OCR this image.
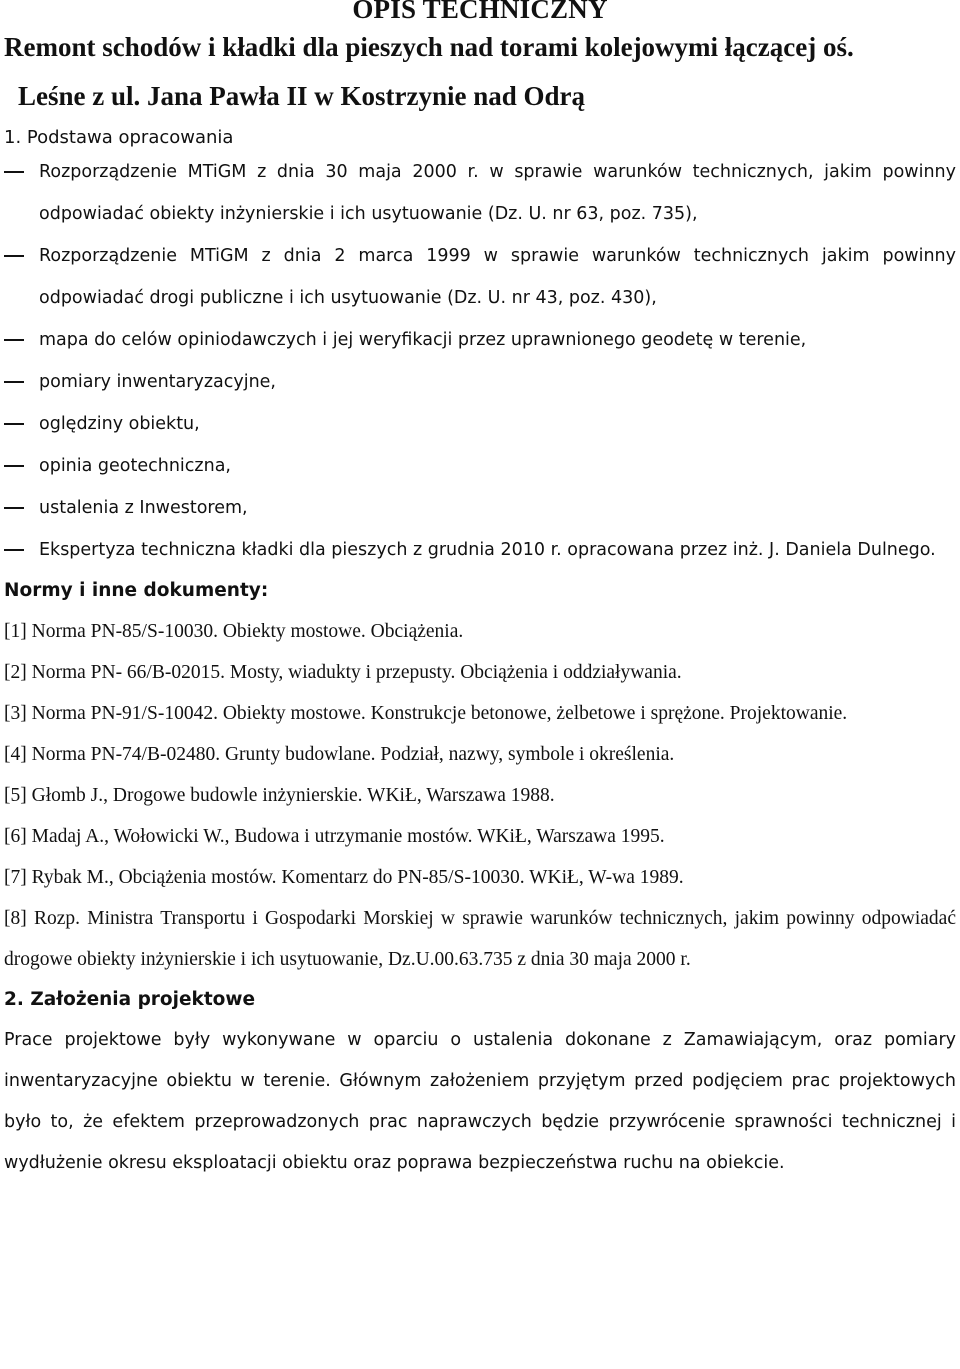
OPIS TECHNICZNY
Remont schodów i kładki dla pieszych nad torami kolejowymi łączącej oś.
Leśne z ul. Jana Pawła II w Kostrzynie nad Odrą
1. Podstawa opracowania
Rozporządzenie MTiGM z dnia 30 maja 2000 r. w sprawie warunków technicznych, jakim powinny odpowiadać obiekty inżynierskie i ich usytuowanie (Dz. U. nr 63, poz. 735),
Rozporządzenie MTiGM z dnia 2 marca 1999 w sprawie warunków technicznych jakim powinny odpowiadać drogi publiczne i ich usytuowanie (Dz. U. nr 43, poz. 430),
mapa do celów opiniodawczych i jej weryfikacji przez uprawnionego geodetę w terenie,
pomiary inwentaryzacyjne,
oględziny obiektu,
opinia geotechniczna,
ustalenia z Inwestorem,
Ekspertyza techniczna kładki dla pieszych z grudnia 2010 r. opracowana przez inż. J. Daniela Dulnego.
Normy i inne dokumenty:
[1] Norma PN-85/S-10030. Obiekty mostowe. Obciążenia.
[2] Norma PN- 66/B-02015. Mosty, wiadukty i przepusty. Obciążenia i oddziaływania.
[3] Norma PN-91/S-10042. Obiekty mostowe. Konstrukcje betonowe, żelbetowe i sprężone. Projektowanie.
[4] Norma PN-74/B-02480. Grunty budowlane. Podział, nazwy, symbole i określenia.
[5] Głomb J., Drogowe budowle inżynierskie. WKiŁ, Warszawa 1988.
[6] Madaj A., Wołowicki W., Budowa i utrzymanie mostów. WKiŁ, Warszawa 1995.
[7] Rybak M., Obciążenia mostów. Komentarz do PN-85/S-10030. WKiŁ, W-wa 1989.
[8] Rozp. Ministra Transportu i Gospodarki Morskiej w sprawie warunków technicznych, jakim powinny odpowiadać drogowe obiekty inżynierskie i ich usytuowanie, Dz.U.00.63.735 z dnia 30 maja 2000 r.
2. Założenia projektowe
Prace projektowe były wykonywane w oparciu o ustalenia dokonane z Zamawiającym, oraz pomiary inwentaryzacyjne obiektu w terenie. Głównym założeniem przyjętym przed podjęciem prac projektowych było to, że efektem przeprowadzonych prac naprawczych będzie przywrócenie sprawności technicznej i wydłużenie okresu eksploatacji obiektu oraz poprawa bezpieczeństwa ruchu na obiekcie.
